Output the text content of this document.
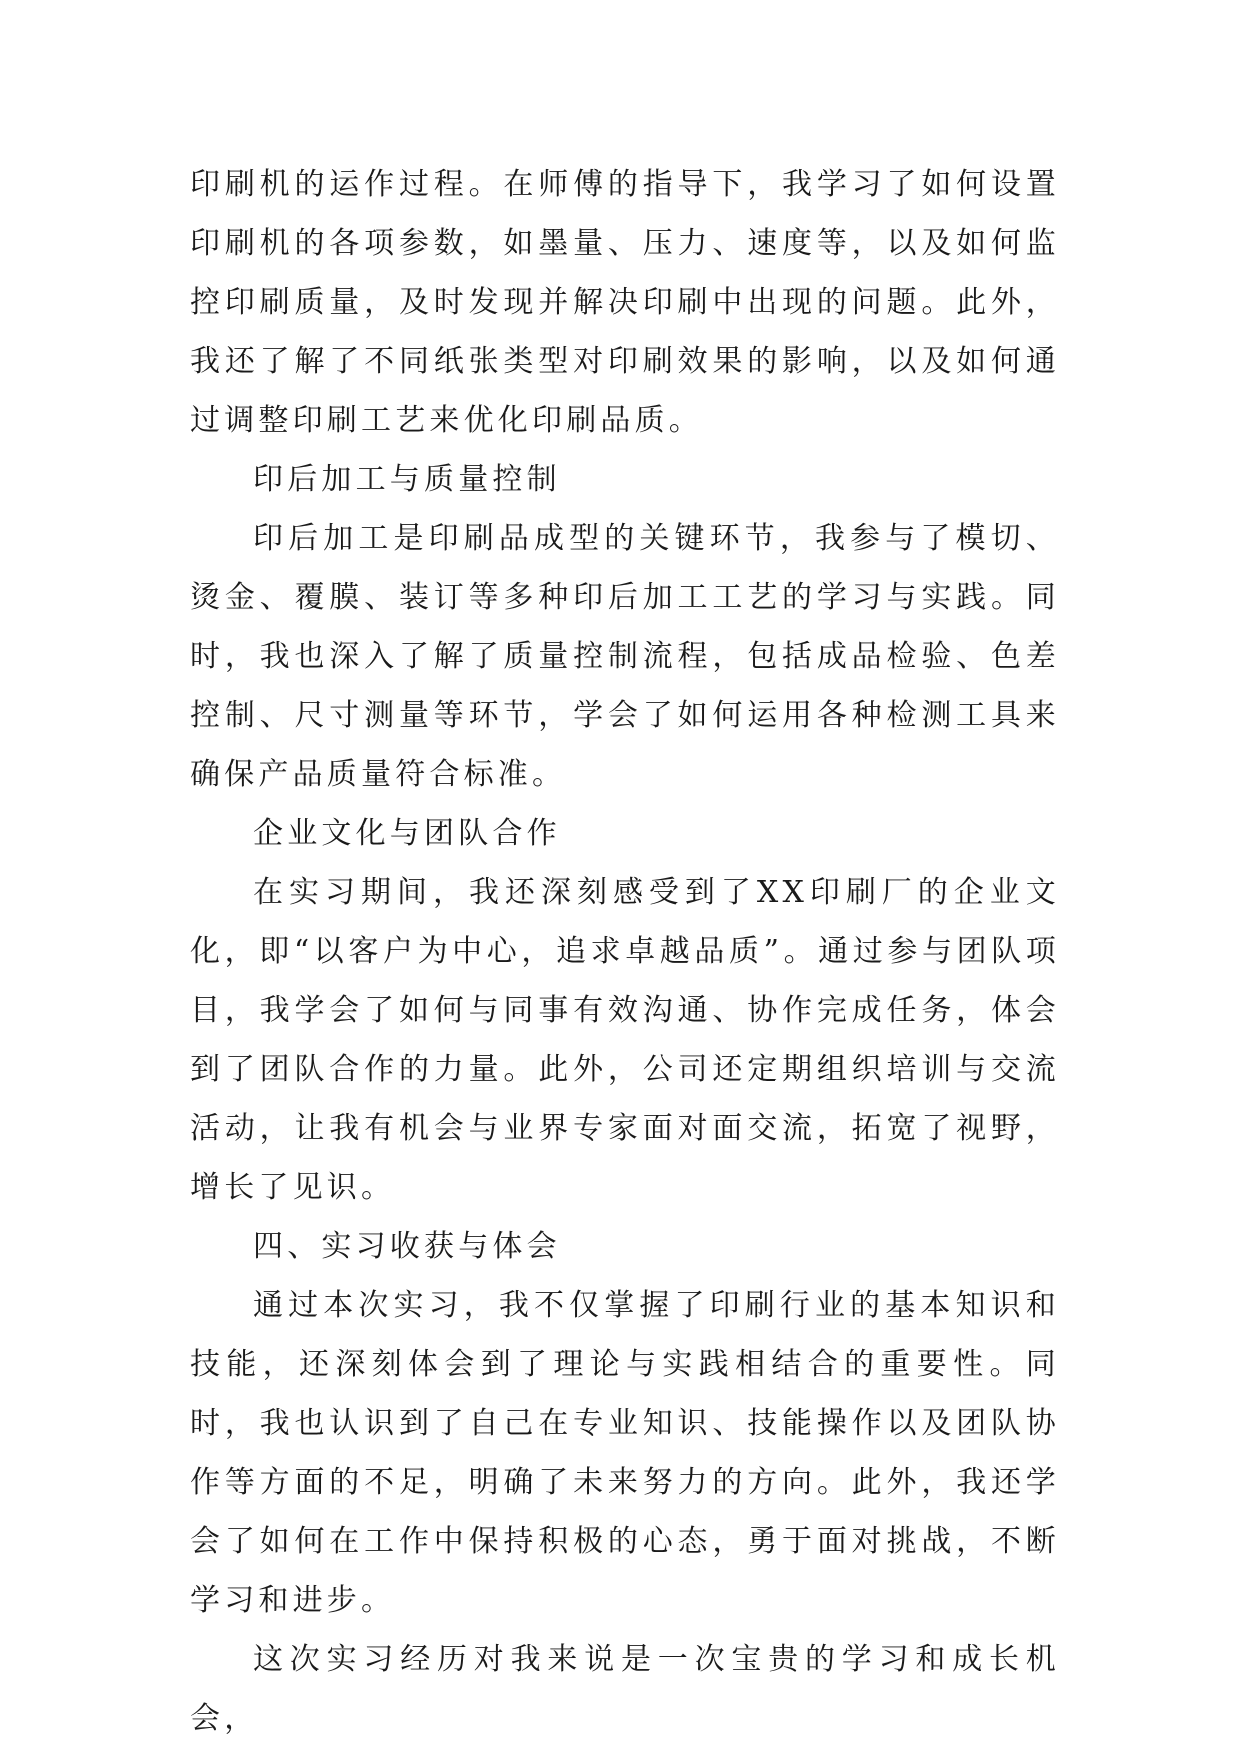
印刷机的运作过程。在师傅的指导下，我学习了如何设置印刷机的各项参数，如墨量、压力、速度等，以及如何监控印刷质量，及时发现并解决印刷中出现的问题。此外，我还了解了不同纸张类型对印刷效果的影响，以及如何通过调整印刷工艺来优化印刷品质。

印后加工与质量控制

印后加工是印刷品成型的关键环节，我参与了模切、烫金、覆膜、装订等多种印后加工工艺的学习与实践。同时，我也深入了解了质量控制流程，包括成品检验、色差控制、尺寸测量等环节，学会了如何运用各种检测工具来确保产品质量符合标准。

企业文化与团队合作

在实习期间，我还深刻感受到了XX印刷厂的企业文化，即“以客户为中心，追求卓越品质”。通过参与团队项目，我学会了如何与同事有效沟通、协作完成任务，体会到了团队合作的力量。此外，公司还定期组织培训与交流活动，让我有机会与业界专家面对面交流，拓宽了视野，增长了见识。

四、实习收获与体会

通过本次实习，我不仅掌握了印刷行业的基本知识和技能，还深刻体会到了理论与实践相结合的重要性。同时，我也认识到了自己在专业知识、技能操作以及团队协作等方面的不足，明确了未来努力的方向。此外，我还学会了如何在工作中保持积极的心态，勇于面对挑战，不断学习和进步。

这次实习经历对我来说是一次宝贵的学习和成长机会，
